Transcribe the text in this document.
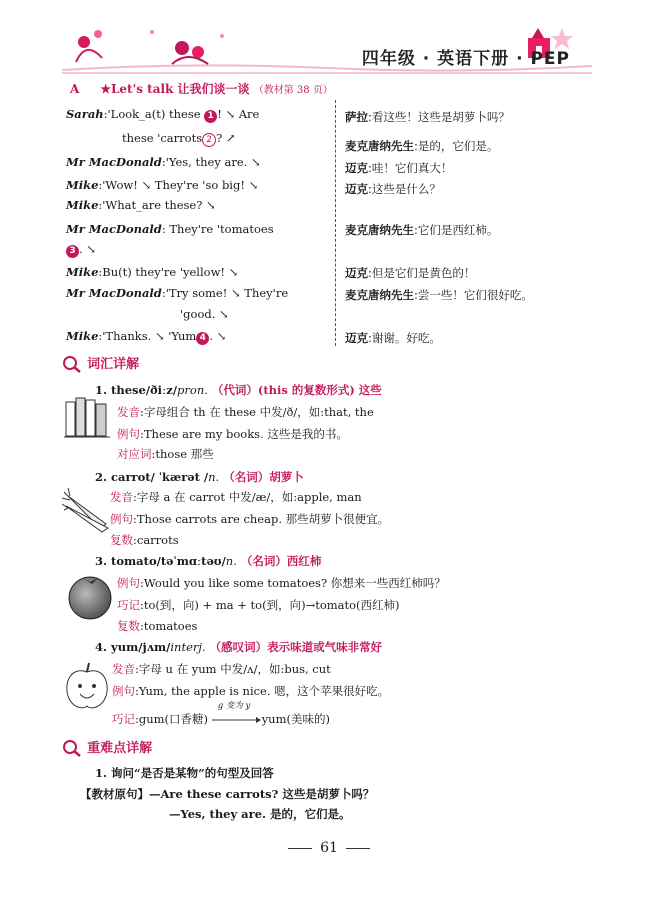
四年级 · 英语下册 · PEP
A ★Let's talk 让我们谈一谈 （教材第 38 页）
Sarah:'Look_a(t) these 1 ! ↘ Are
these 'carrots 2 ? ↗
Mr MacDonald:'Yes, they are. ↘
Mike:'Wow! ↘ They're 'so big! ↘
Mike:'What_are these? ↘
Mr MacDonald: They're 'tomatoes
3 . ↘
Mike:Bu(t) they're 'yellow! ↘
Mr MacDonald:'Try some! ↘ They're
'good. ↘
Mike:'Thanks. ↘ 'Yum 4 . ↘
萨拉:看这些！这些是胡萝卜吗？
麦克唐纳先生:是的，它们是。
迈克:哇！它们真大！
迈克:这些是什么？
麦克唐纳先生:它们是西红柿。
迈克:但是它们是黄色的！
麦克唐纳先生:尝一些！它们很好吃。
迈克:谢谢。好吃。
词汇详解
1. these/ðiːz/pron. （代词）(this 的复数形式) 这些
发音:字母组合 th 在 these 中发/ð/，如:that, the
例句:These are my books. 这些是我的书。
对应词:those 那些
2. carrot/ ˈkærət /n. （名词）胡萝卜
发音:字母 a 在 carrot 中发/æ/，如:apple, man
例句:Those carrots are cheap. 那些胡萝卜很便宜。
复数:carrots
3. tomato/təˈmɑːtəʊ/n. （名词）西红柿
例句:Would you like some tomatoes? 你想来一些西红柿吗？
巧记:to(到，向) + ma + to(到，向)→tomato(西红柿)
复数:tomatoes
4. yum/jʌm/interj. （感叹词）表示味道或气味非常好
发音:字母 u 在 yum 中发/ʌ/，如:bus, cut
例句:Yum, the apple is nice. 嗯，这个苹果很好吃。
巧记:gum(口香糖)
g 变为 y
yum(美味的)
重难点详解
1. 询问“是否是某物”的句型及回答
【教材原句】—Are these carrots? 这些是胡萝卜吗？
—Yes, they are. 是的，它们是。
61
